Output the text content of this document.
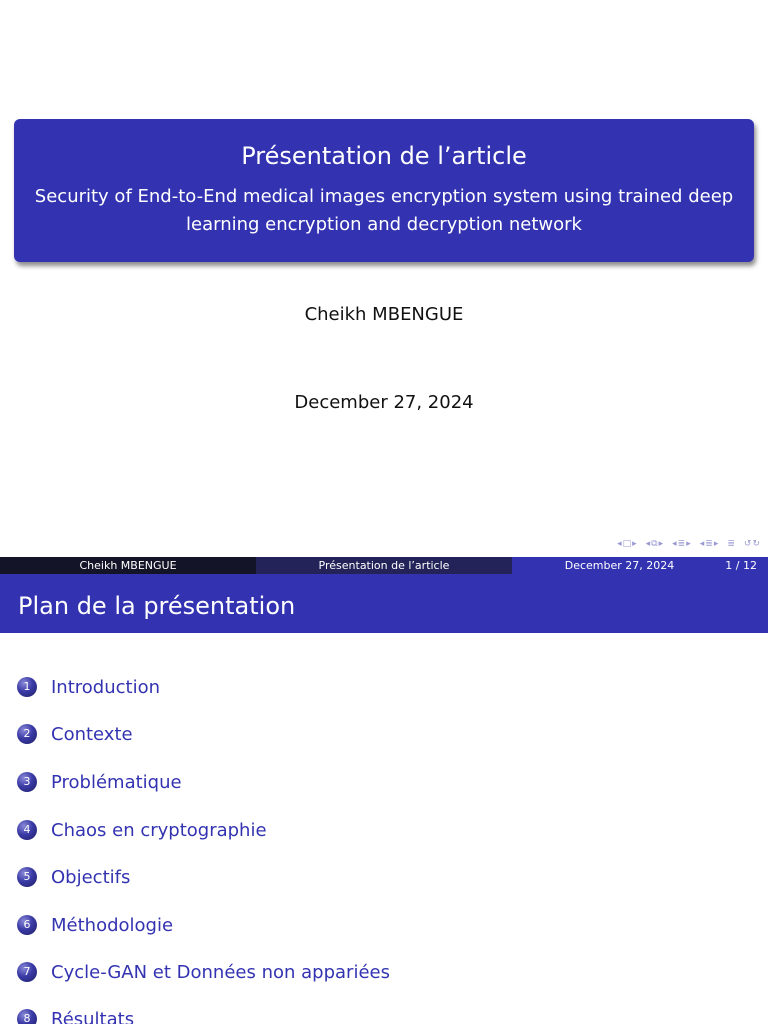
Présentation de l’article
Security of End-to-End medical images encryption system using trained deep learning encryption and decryption network
Cheikh MBENGUE
December 27, 2024
◂ □ ▸ ◂ ⧉ ▸ ◂ ≣ ▸ ◂ ≣ ▸ ≣ ↺ ↻
Cheikh MBENGUE	Présentation de l’article	December 27, 2024	1 / 12
Plan de la présentation
1	Introduction
2	Contexte
3	Problématique
4	Chaos en cryptographie
5	Objectifs
6	Méthodologie
7	Cycle-GAN et Données non appariées
8	Résultats
